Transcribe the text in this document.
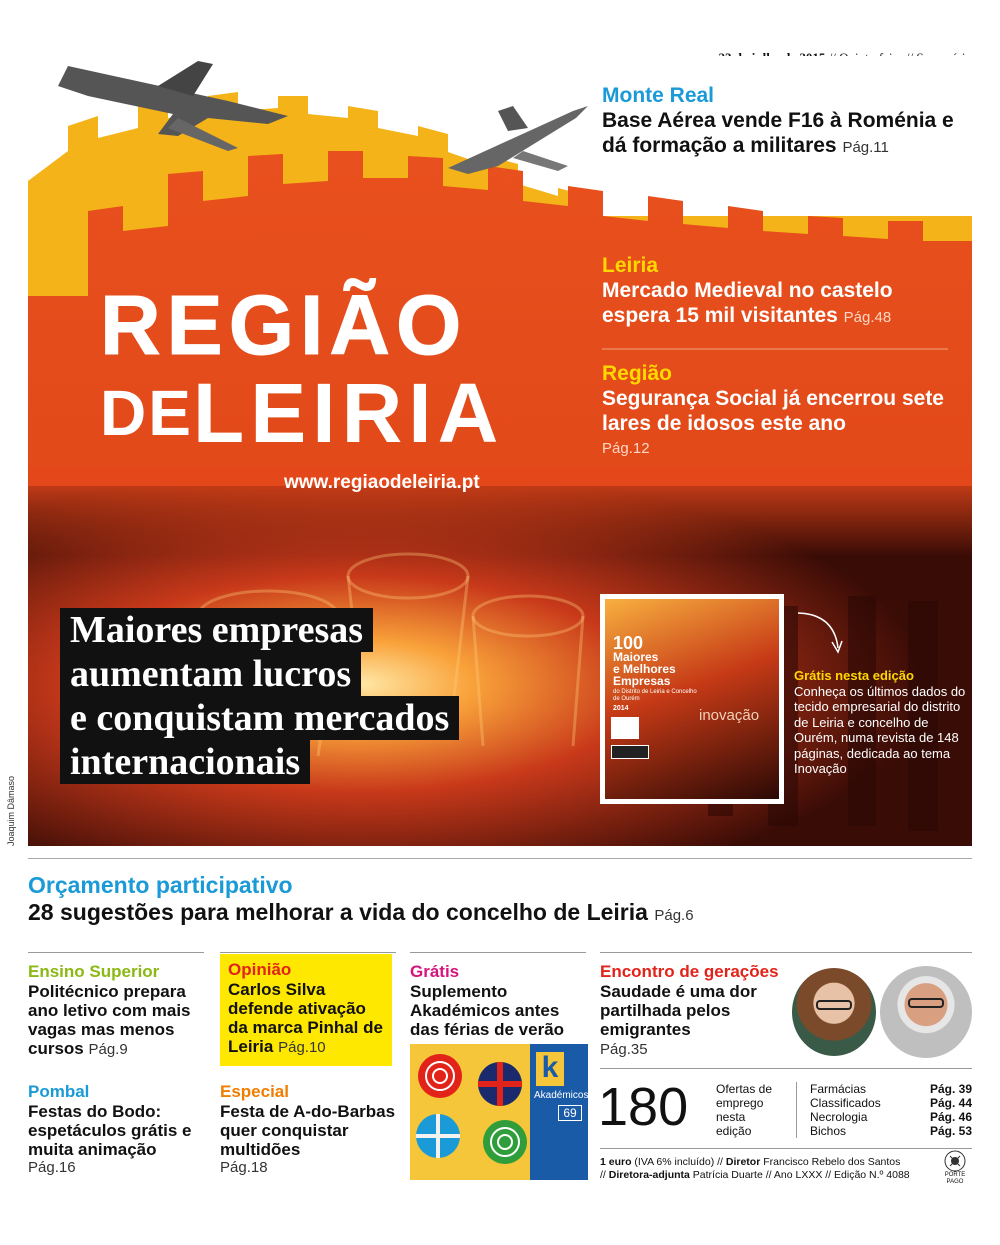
REGIÃO
DE LEIRIA
www.regiaodeleiria.pt
Monte Real
Base Aérea vende F16 à Roménia e dá formação a militares Pág.11
Leiria
Mercado Medieval no castelo espera 15 mil visitantes Pág.48
Região
Segurança Social já encerrou sete lares de idosos este ano
Pág.12
Maiores empresas
aumentam lucros
e conquistam mercados
internacionais
100
Maiores
e Melhores
Empresas
do Distrito de Leiria e Concelho de Ourém
2014	inovação
Grátis nesta edição
Conheça os últimos dados do tecido empresarial do distrito de Leiria e concelho de Ourém, numa revista de 148 páginas, dedicada ao tema Inovação
Joaquim Dâmaso
Orçamento participativo
28 sugestões para melhorar a vida do concelho de Leiria Pág.6
Ensino Superior
Politécnico prepara ano letivo com mais vagas mas menos cursos Pág.9
Opinião
Carlos Silva defende ativação da marca Pinhal de Leiria Pág.10
Grátis
Suplemento Akadémicos antes das férias de verão
k
Akadémicos
69
Encontro de gerações
Saudade é uma dor partilhada pelos emigrantes
Pág.35
Pombal
Festas do Bodo: espetáculos grátis e muita animação
Pág.16
Especial
Festa de A-do-Barbas quer conquistar multidões
Pág.18
180 Ofertas de emprego nesta edição
Farmácias	Pág. 39
Classificados	Pág. 44
Necrologia	Pág. 46
Bichos	Pág. 53
1 euro (IVA 6% incluído) // Diretor Francisco Rebelo dos Santos
// Diretora-adjunta Patrícia Duarte // Ano LXXX // Edição N.º 4088	PORTE
PAGO
